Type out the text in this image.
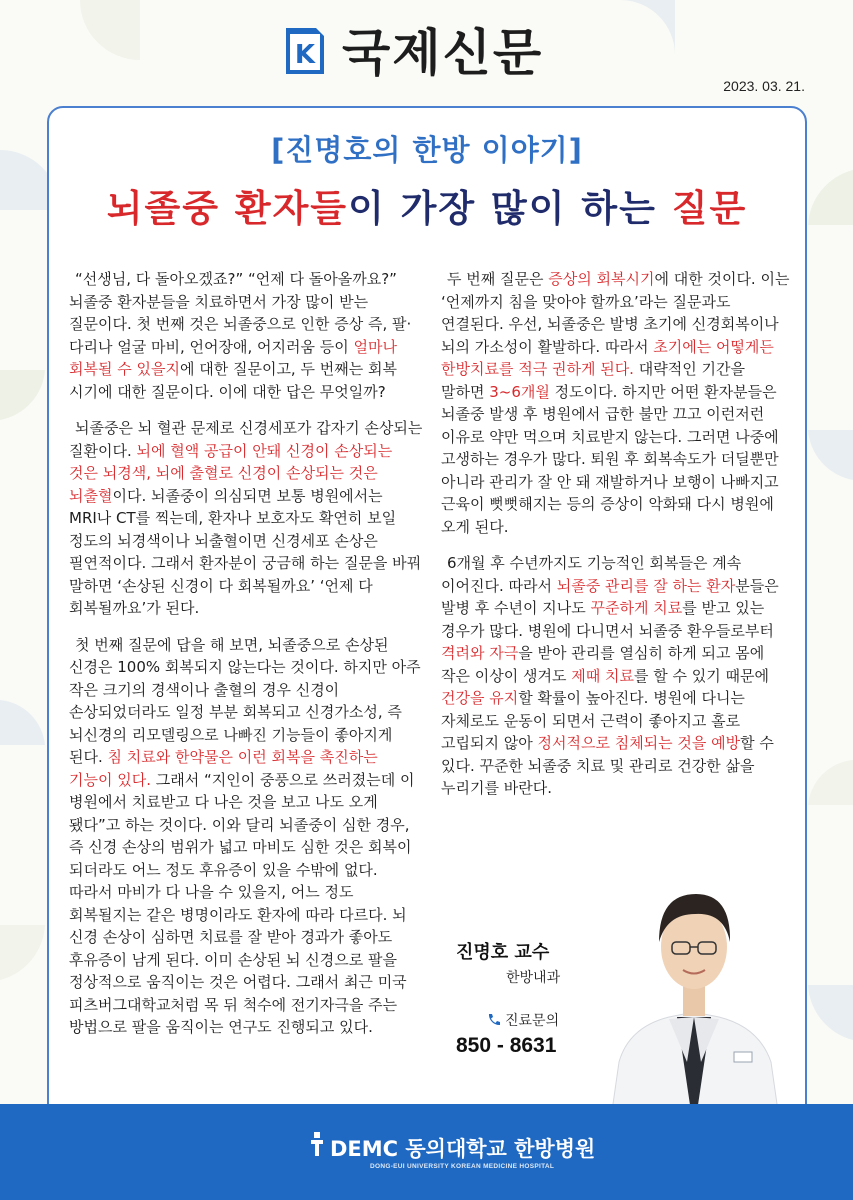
K 국제신문
2023. 03. 21.
[진명호의 한방 이야기]
뇌졸중 환자들이 가장 많이 하는 질문

“선생님, 다 돌아오겠죠?” “언제 다 돌아올까요?” 뇌졸중 환자분들을 치료하면서 가장 많이 받는 질문이다. 첫 번째 것은 뇌졸중으로 인한 증상 즉, 팔·다리나 얼굴 마비, 언어장애, 어지러움 등이 얼마나 회복될 수 있을지에 대한 질문이고, 두 번째는 회복 시기에 대한 질문이다. 이에 대한 답은 무엇일까?

뇌졸중은 뇌 혈관 문제로 신경세포가 갑자기 손상되는 질환이다. 뇌에 혈액 공급이 안돼 신경이 손상되는 것은 뇌경색, 뇌에 출혈로 신경이 손상되는 것은 뇌출혈이다. 뇌졸중이 의심되면 보통 병원에서는 MRI나 CT를 찍는데, 환자나 보호자도 확연히 보일 정도의 뇌경색이나 뇌출혈이면 신경세포 손상은 필연적이다. 그래서 환자분이 궁금해 하는 질문을 바꿔 말하면 ‘손상된 신경이 다 회복될까요’ ‘언제 다 회복될까요’가 된다.

첫 번째 질문에 답을 해 보면, 뇌졸중으로 손상된 신경은 100% 회복되지 않는다는 것이다. 하지만 아주 작은 크기의 경색이나 출혈의 경우 신경이 손상되었더라도 일정 부분 회복되고 신경가소성, 즉 뇌신경의 리모델링으로 나빠진 기능들이 좋아지게 된다. 침 치료와 한약물은 이런 회복을 촉진하는 기능이 있다. 그래서 “지인이 중풍으로 쓰러졌는데 이 병원에서 치료받고 다 나은 것을 보고 나도 오게 됐다”고 하는 것이다. 이와 달리 뇌졸중이 심한 경우, 즉 신경 손상의 범위가 넓고 마비도 심한 것은 회복이 되더라도 어느 정도 후유증이 있을 수밖에 없다. 따라서 마비가 다 나을 수 있을지, 어느 정도 회복될지는 같은 병명이라도 환자에 따라 다르다. 뇌 신경 손상이 심하면 치료를 잘 받아 경과가 좋아도 후유증이 남게 된다. 이미 손상된 뇌 신경으로 팔을 정상적으로 움직이는 것은 어렵다. 그래서 최근 미국 피츠버그대학교처럼 목 뒤 척수에 전기자극을 주는 방법으로 팔을 움직이는 연구도 진행되고 있다.

두 번째 질문은 증상의 회복시기에 대한 것이다. 이는 ‘언제까지 침을 맞아야 할까요’라는 질문과도 연결된다. 우선, 뇌졸중은 발병 초기에 신경회복이나 뇌의 가소성이 활발하다. 따라서 초기에는 어떻게든 한방치료를 적극 권하게 된다. 대략적인 기간을 말하면 3~6개월 정도이다. 하지만 어떤 환자분들은 뇌졸중 발생 후 병원에서 급한 불만 끄고 이런저런 이유로 약만 먹으며 치료받지 않는다. 그러면 나중에 고생하는 경우가 많다. 퇴원 후 회복속도가 더딜뿐만 아니라 관리가 잘 안 돼 재발하거나 보행이 나빠지고 근육이 뻣뻣해지는 등의 증상이 악화돼 다시 병원에 오게 된다.

6개월 후 수년까지도 기능적인 회복들은 계속 이어진다. 따라서 뇌졸중 관리를 잘 하는 환자분들은 발병 후 수년이 지나도 꾸준하게 치료를 받고 있는 경우가 많다. 병원에 다니면서 뇌졸중 환우들로부터 격려와 자극을 받아 관리를 열심히 하게 되고 몸에 작은 이상이 생겨도 제때 치료를 할 수 있기 때문에 건강을 유지할 확률이 높아진다. 병원에 다니는 자체로도 운동이 되면서 근력이 좋아지고 홀로 고립되지 않아 정서적으로 침체되는 것을 예방할 수 있다. 꾸준한 뇌졸중 치료 및 관리로 건강한 삶을 누리기를 바란다.

진명호 교수
한방내과
진료문의
850 - 8631
DEMC 동의대학교 한방병원
DONG-EUI UNIVERSITY KOREAN MEDICINE HOSPITAL
